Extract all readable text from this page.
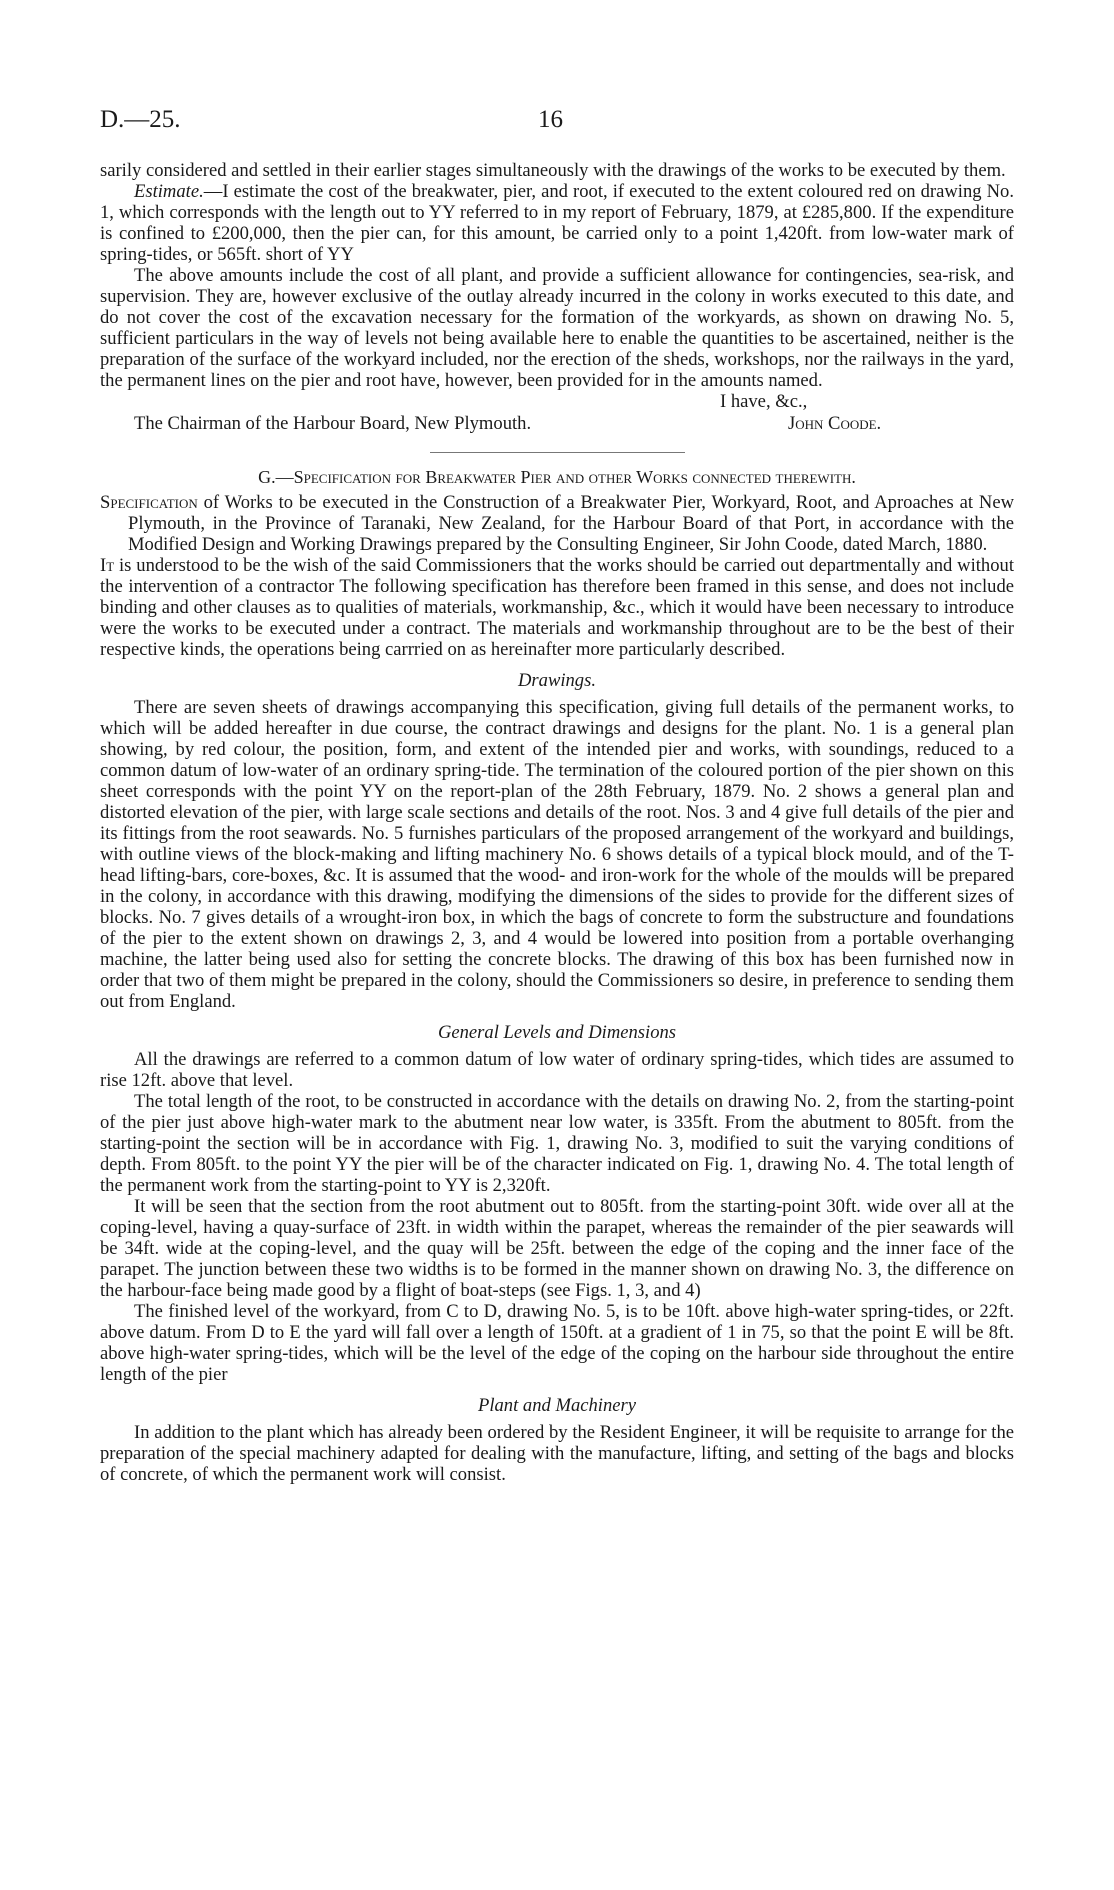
D.—25.	16

sarily considered and settled in their earlier stages simultaneously with the drawings of the works to be executed by them.

Estimate.—I estimate the cost of the breakwater, pier, and root, if executed to the extent coloured red on drawing No. 1, which corresponds with the length out to YY referred to in my report of February, 1879, at £285,800. If the expenditure is confined to £200,000, then the pier can, for this amount, be carried only to a point 1,420ft. from low-water mark of spring-tides, or 565ft. short of YY

The above amounts include the cost of all plant, and provide a sufficient allowance for contingencies, sea-risk, and supervision. They are, however exclusive of the outlay already incurred in the colony in works executed to this date, and do not cover the cost of the excavation necessary for the formation of the workyards, as shown on drawing No. 5, sufficient particulars in the way of levels not being available here to enable the quantities to be ascertained, neither is the preparation of the surface of the workyard included, nor the erection of the sheds, workshops, nor the railways in the yard, the permanent lines on the pier and root have, however, been provided for in the amounts named.

I have, &c.,
The Chairman of the Harbour Board, New Plymouth.	John Coode.

G.—Specification for Breakwater Pier and other Works connected therewith.

Specification of Works to be executed in the Construction of a Breakwater Pier, Workyard, Root, and Aproaches at New Plymouth, in the Province of Taranaki, New Zealand, for the Harbour Board of that Port, in accordance with the Modified Design and Working Drawings prepared by the Consulting Engineer, Sir John Coode, dated March, 1880.

It is understood to be the wish of the said Commissioners that the works should be carried out departmentally and without the intervention of a contractor The following specification has therefore been framed in this sense, and does not include binding and other clauses as to qualities of materials, workmanship, &c., which it would have been necessary to introduce were the works to be executed under a contract. The materials and workmanship throughout are to be the best of their respective kinds, the operations being carrried on as hereinafter more particularly described.

Drawings.

There are seven sheets of drawings accompanying this specification, giving full details of the permanent works, to which will be added hereafter in due course, the contract drawings and designs for the plant. No. 1 is a general plan showing, by red colour, the position, form, and extent of the intended pier and works, with soundings, reduced to a common datum of low-water of an ordinary spring-tide. The termination of the coloured portion of the pier shown on this sheet corresponds with the point YY on the report-plan of the 28th February, 1879. No. 2 shows a general plan and distorted elevation of the pier, with large scale sections and details of the root. Nos. 3 and 4 give full details of the pier and its fittings from the root seawards. No. 5 furnishes particulars of the proposed arrangement of the workyard and buildings, with outline views of the block-making and lifting machinery No. 6 shows details of a typical block mould, and of the T-head lifting-bars, core-boxes, &c. It is assumed that the wood- and iron-work for the whole of the moulds will be prepared in the colony, in accordance with this drawing, modifying the dimensions of the sides to provide for the different sizes of blocks. No. 7 gives details of a wrought-iron box, in which the bags of concrete to form the substructure and foundations of the pier to the extent shown on drawings 2, 3, and 4 would be lowered into position from a portable overhanging machine, the latter being used also for setting the concrete blocks. The drawing of this box has been furnished now in order that two of them might be prepared in the colony, should the Commissioners so desire, in preference to sending them out from England.

General Levels and Dimensions

All the drawings are referred to a common datum of low water of ordinary spring-tides, which tides are assumed to rise 12ft. above that level.

The total length of the root, to be constructed in accordance with the details on drawing No. 2, from the starting-point of the pier just above high-water mark to the abutment near low water, is 335ft. From the abutment to 805ft. from the starting-point the section will be in accordance with Fig. 1, drawing No. 3, modified to suit the varying conditions of depth. From 805ft. to the point YY the pier will be of the character indicated on Fig. 1, drawing No. 4. The total length of the permanent work from the starting-point to YY is 2,320ft.

It will be seen that the section from the root abutment out to 805ft. from the starting-point 30ft. wide over all at the coping-level, having a quay-surface of 23ft. in width within the parapet, whereas the remainder of the pier seawards will be 34ft. wide at the coping-level, and the quay will be 25ft. between the edge of the coping and the inner face of the parapet. The junction between these two widths is to be formed in the manner shown on drawing No. 3, the difference on the harbour-face being made good by a flight of boat-steps (see Figs. 1, 3, and 4)

The finished level of the workyard, from C to D, drawing No. 5, is to be 10ft. above high-water spring-tides, or 22ft. above datum. From D to E the yard will fall over a length of 150ft. at a gradient of 1 in 75, so that the point E will be 8ft. above high-water spring-tides, which will be the level of the edge of the coping on the harbour side throughout the entire length of the pier

Plant and Machinery

In addition to the plant which has already been ordered by the Resident Engineer, it will be requisite to arrange for the preparation of the special machinery adapted for dealing with the manufacture, lifting, and setting of the bags and blocks of concrete, of which the permanent work will consist.
